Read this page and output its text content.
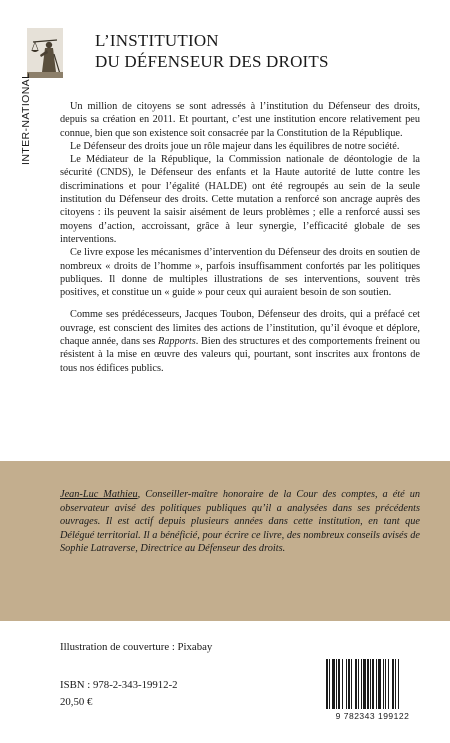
L’INSTITUTION
DU DÉFENSEUR DES DROITS
INTER-NATIONAL	Un million de citoyens se sont adressés à l’institution du Défenseur des droits, depuis sa création en 2011. Et pourtant, c’est une institution encore relativement peu connue, bien que son existence soit consacrée par la Constitution de la République.

Le Défenseur des droits joue un rôle majeur dans les équilibres de notre société.

Le Médiateur de la République, la Commission nationale de déontologie de la sécurité (CNDS), le Défenseur des enfants et la Haute autorité de lutte contre les discriminations et pour l’égalité (HALDE) ont été regroupés au sein de la seule institution du Défenseur des droits. Cette mutation a renforcé son ancrage auprès des citoyens : ils peuvent la saisir aisément de leurs problèmes ; elle a renforcé aussi ses moyens d’action, accroissant, grâce à leur synergie, l’efficacité globale de ses interventions.

Ce livre expose les mécanismes d’intervention du Défenseur des droits en soutien de nombreux « droits de l’homme », parfois insuffisamment confortés par les politiques publiques. Il donne de multiples illustrations de ses interventions, souvent très positives, et constitue un « guide » pour ceux qui auraient besoin de son soutien.

Comme ses prédécesseurs, Jacques Toubon, Défenseur des droits, qui a préfacé cet ouvrage, est conscient des limites des actions de l’institution, qu’il évoque et déplore, chaque année, dans ses Rapports. Bien des structures et des comportements freinent ou résistent à la mise en œuvre des valeurs qui, pourtant, sont inscrites aux frontons de tous nos édifices publics.

Jean-Luc Mathieu, Conseiller-maître honoraire de la Cour des comptes, a été un observateur avisé des politiques publiques qu’il a analysées dans ses précédents ouvrages. Il est actif depuis plusieurs années dans cette institution, en tant que Délégué territorial. Il a bénéficié, pour écrire ce livre, des nombreux conseils avisés de Sophie Latraverse, Directrice au Défenseur des droits.
Illustration de couverture : Pixabay
ISBN : 978-2-343-19912-2
20,50 €
9 782343 199122
